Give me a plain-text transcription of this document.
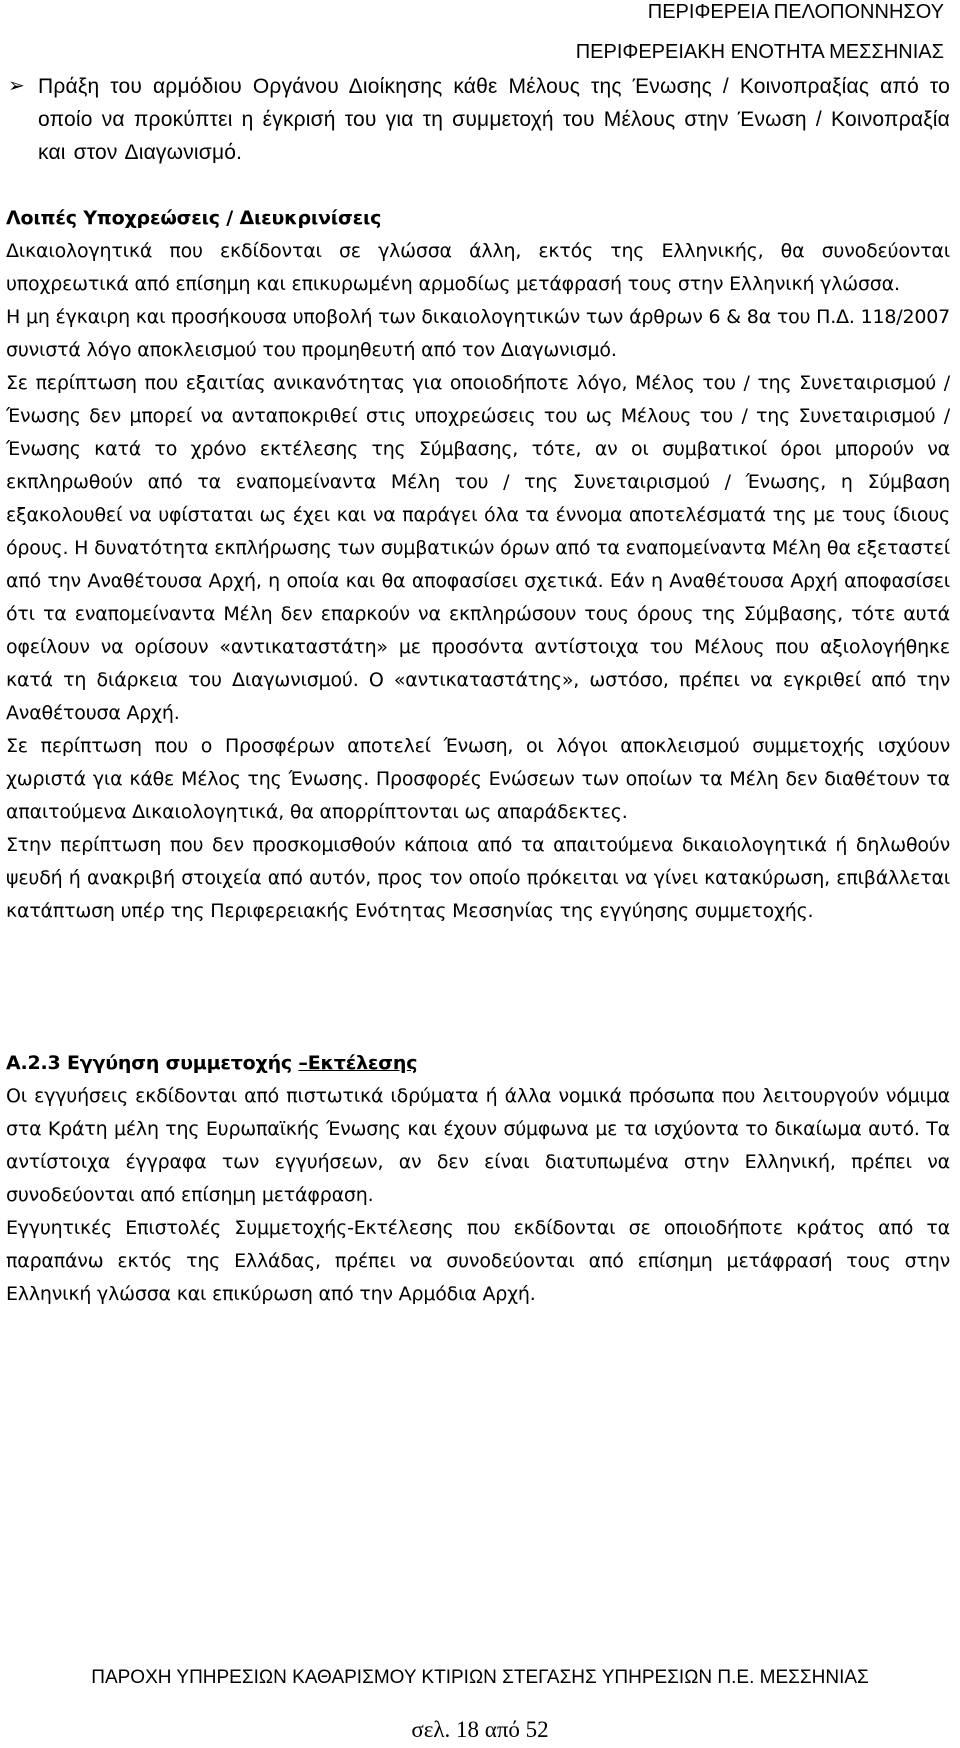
ΠΕΡΙΦΕΡΕΙΑ ΠΕΛΟΠΟΝΝΗΣΟΥ
ΠΕΡΙΦΕΡΕΙΑΚΗ ΕΝΟΤΗΤΑ ΜΕΣΣΗΝΙΑΣ
➢ Πράξη του αρμόδιου Οργάνου Διοίκησης κάθε Μέλους της Ένωσης / Κοινοπραξίας από το οποίο να προκύπτει η έγκρισή του για τη συμμετοχή του Μέλους στην Ένωση / Κοινοπραξία και στον Διαγωνισμό.

Λοιπές Υποχρεώσεις / Διευκρινίσεις

Δικαιολογητικά που εκδίδονται σε γλώσσα άλλη, εκτός της Ελληνικής, θα συνοδεύονται υποχρεωτικά από επίσημη και επικυρωμένη αρμοδίως μετάφρασή τους στην Ελληνική γλώσσα.

Η μη έγκαιρη και προσήκουσα υποβολή των δικαιολογητικών των άρθρων 6 & 8α του Π.Δ. 118/2007 συνιστά λόγο αποκλεισμού του προμηθευτή από τον Διαγωνισμό.

Σε περίπτωση που εξαιτίας ανικανότητας για οποιοδήποτε λόγο, Μέλος του / της Συνεταιρισμού / Ένωσης δεν μπορεί να ανταποκριθεί στις υποχρεώσεις του ως Μέλους του / της Συνεταιρισμού / Ένωσης κατά το χρόνο εκτέλεσης της Σύμβασης, τότε, αν οι συμβατικοί όροι μπορούν να εκπληρωθούν από τα εναπομείναντα Μέλη του / της Συνεταιρισμού / Ένωσης, η Σύμβαση εξακολουθεί να υφίσταται ως έχει και να παράγει όλα τα έννομα αποτελέσματά της με τους ίδιους όρους. Η δυνατότητα εκπλήρωσης των συμβατικών όρων από τα εναπομείναντα Μέλη θα εξεταστεί από την Αναθέτουσα Αρχή, η οποία και θα αποφασίσει σχετικά. Εάν η Αναθέτουσα Αρχή αποφασίσει ότι τα εναπομείναντα Μέλη δεν επαρκούν να εκπληρώσουν τους όρους της Σύμβασης, τότε αυτά οφείλουν να ορίσουν «αντικαταστάτη» με προσόντα αντίστοιχα του Μέλους που αξιολογήθηκε κατά τη διάρκεια του Διαγωνισμού. Ο «αντικαταστάτης», ωστόσο, πρέπει να εγκριθεί από την Αναθέτουσα Αρχή.

Σε περίπτωση που ο Προσφέρων αποτελεί Ένωση, οι λόγοι αποκλεισμού συμμετοχής ισχύουν χωριστά για κάθε Μέλος της Ένωσης. Προσφορές Ενώσεων των οποίων τα Μέλη δεν διαθέτουν τα απαιτούμενα Δικαιολογητικά, θα απορρίπτονται ως απαράδεκτες.

Στην περίπτωση που δεν προσκομισθούν κάποια από τα απαιτούμενα δικαιολογητικά ή δηλωθούν ψευδή ή ανακριβή στοιχεία από αυτόν, προς τον οποίο πρόκειται να γίνει κατακύρωση, επιβάλλεται κατάπτωση υπέρ της Περιφερειακής Ενότητας Μεσσηνίας της εγγύησης συμμετοχής.

Α.2.3 Εγγύηση συμμετοχής –Εκτέλεσης

Οι εγγυήσεις εκδίδονται από πιστωτικά ιδρύματα ή άλλα νομικά πρόσωπα που λειτουργούν νόμιμα στα Κράτη μέλη της Ευρωπαϊκής Ένωσης και έχουν σύμφωνα με τα ισχύοντα το δικαίωμα αυτό. Τα αντίστοιχα έγγραφα των εγγυήσεων, αν δεν είναι διατυπωμένα στην Ελληνική, πρέπει να συνοδεύονται από επίσημη μετάφραση.

Εγγυητικές Επιστολές Συμμετοχής-Εκτέλεσης που εκδίδονται σε οποιοδήποτε κράτος από τα παραπάνω εκτός της Ελλάδας, πρέπει να συνοδεύονται από επίσημη μετάφρασή τους στην Ελληνική γλώσσα και επικύρωση από την Αρμόδια Αρχή.

ΠΑΡΟΧΗ ΥΠΗΡΕΣΙΩΝ ΚΑΘΑΡΙΣΜΟΥ ΚΤΙΡΙΩΝ ΣΤΕΓΑΣΗΣ ΥΠΗΡΕΣΙΩΝ Π.Ε. ΜΕΣΣΗΝΙΑΣ
σελ. 18 από 52
